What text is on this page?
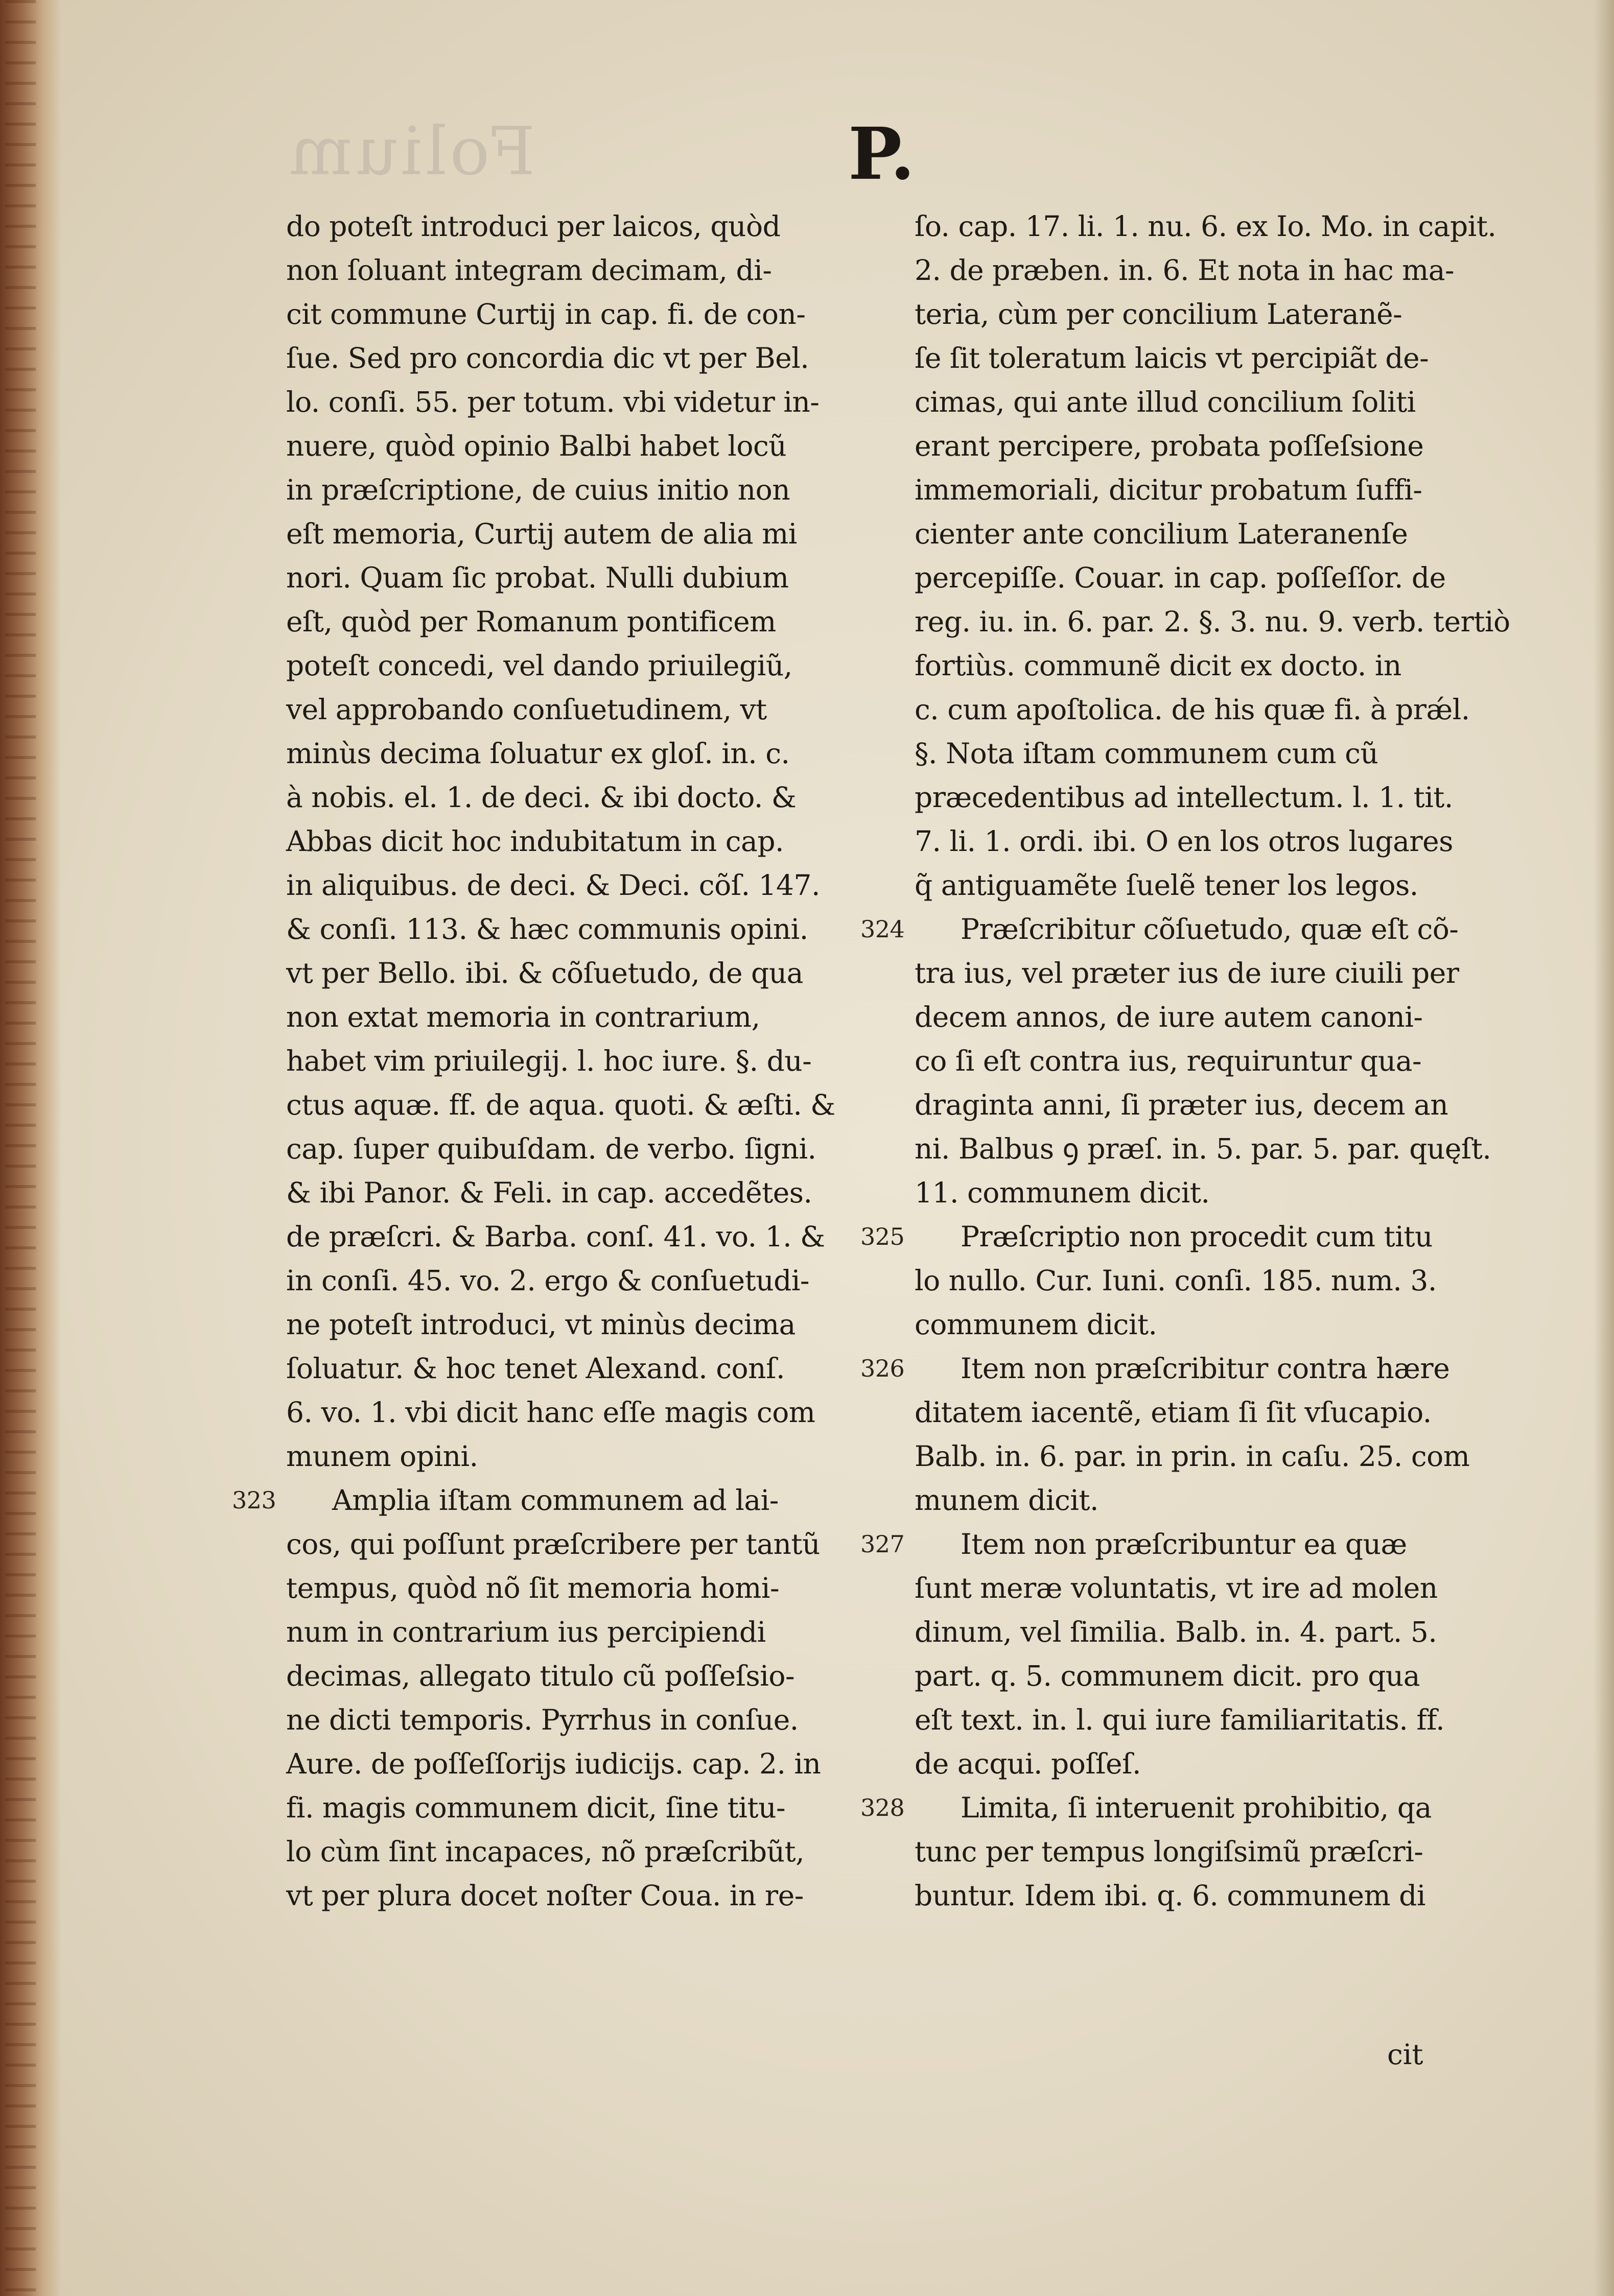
Folium	P.
do poteſt introduci per laicos, quòd
non ſoluant integram decimam, di-
cit commune Curtij in cap. fi. de con-
ſue. Sed pro concordia dic vt per Bel.
lo. conſi. 55. per totum. vbi videtur in-
nuere, quòd opinio Balbi habet locũ
in præſcriptione, de cuius initio non
eſt memoria, Curtij autem de alia mi
nori. Quam ſic probat. Nulli dubium
eſt, quòd per Romanum pontificem
poteſt concedi, vel dando priuilegiũ,
vel approbando conſuetudinem, vt
minùs decima ſoluatur ex gloſ. in. c.
à nobis. el. 1. de deci. & ibi docto. &
Abbas dicit hoc indubitatum in cap.
in aliquibus. de deci. & Deci. cõſ. 147.
& conſi. 113. & hæc communis opini.
vt per Bello. ibi. & cõſuetudo, de qua
non extat memoria in contrarium,
habet vim priuilegij. l. hoc iure. §. du-
ctus aquæ. ff. de aqua. quoti. & æſti. &
cap. ſuper quibuſdam. de verbo. ſigni.
& ibi Panor. & Feli. in cap. accedẽtes.
de præſcri. & Barba. conſ. 41. vo. 1. &
in conſi. 45. vo. 2. ergo & conſuetudi-
ne poteſt introduci, vt minùs decima
ſoluatur. & hoc tenet Alexand. conſ.
6. vo. 1. vbi dicit hanc eſſe magis com
munem opini.
323 Amplia iſtam communem ad lai-
cos, qui poſſunt præſcribere per tantũ
tempus, quòd nõ ſit memoria homi-
num in contrarium ius percipiendi
decimas, allegato titulo cũ poſſeſsio-
ne dicti temporis. Pyrrhus in conſue.
Aure. de poſſeſſorijs iudicijs. cap. 2. in
fi. magis communem dicit, ſine titu-
lo cùm ſint incapaces, nõ præſcribũt,
vt per plura docet noſter Coua. in re-
ſo. cap. 17. li. 1. nu. 6. ex Io. Mo. in capit.
2. de præben. in. 6. Et nota in hac ma-
teria, cùm per concilium Lateranẽ-
ſe ſit toleratum laicis vt percipiãt de-
cimas, qui ante illud concilium ſoliti
erant percipere, probata poſſeſsione
immemoriali, dicitur probatum ſuffi-
cienter ante concilium Lateranenſe
percepiſſe. Couar. in cap. poſſeſſor. de
reg. iu. in. 6. par. 2. §. 3. nu. 9. verb. tertiò
fortiùs. communẽ dicit ex docto. in
c. cum apoſtolica. de his quæ fi. à prǽl.
§. Nota iſtam communem cum cũ
præcedentibus ad intellectum. l. 1. tit.
7. li. 1. ordi. ibi. O en los otros lugares
q̃ antiguamẽte ſuelẽ tener los legos.
324 Præſcribitur cõſuetudo, quæ eſt cõ-
tra ius, vel præter ius de iure ciuili per
decem annos, de iure autem canoni-
co ſi eſt contra ius, requiruntur qua-
draginta anni, ſi præter ius, decem an
ni. Balbus ꝯ præſ. in. 5. par. 5. par. quęſt.
11. communem dicit.
325 Præſcriptio non procedit cum titu
lo nullo. Cur. Iuni. conſi. 185. num. 3.
communem dicit.
326 Item non præſcribitur contra hære
ditatem iacentẽ, etiam ſi ſit vſucapio.
Balb. in. 6. par. in prin. in caſu. 25. com
munem dicit.
327 Item non præſcribuntur ea quæ
ſunt meræ voluntatis, vt ire ad molen
dinum, vel ſimilia. Balb. in. 4. part. 5.
part. q. 5. communem dicit. pro qua
eſt text. in. l. qui iure familiaritatis. ff.
de acqui. poſſeſ.
328 Limita, ſi interuenit prohibitio, qa
tunc per tempus longiſsimũ præſcri-
buntur. Idem ibi. q. 6. communem di
cit
